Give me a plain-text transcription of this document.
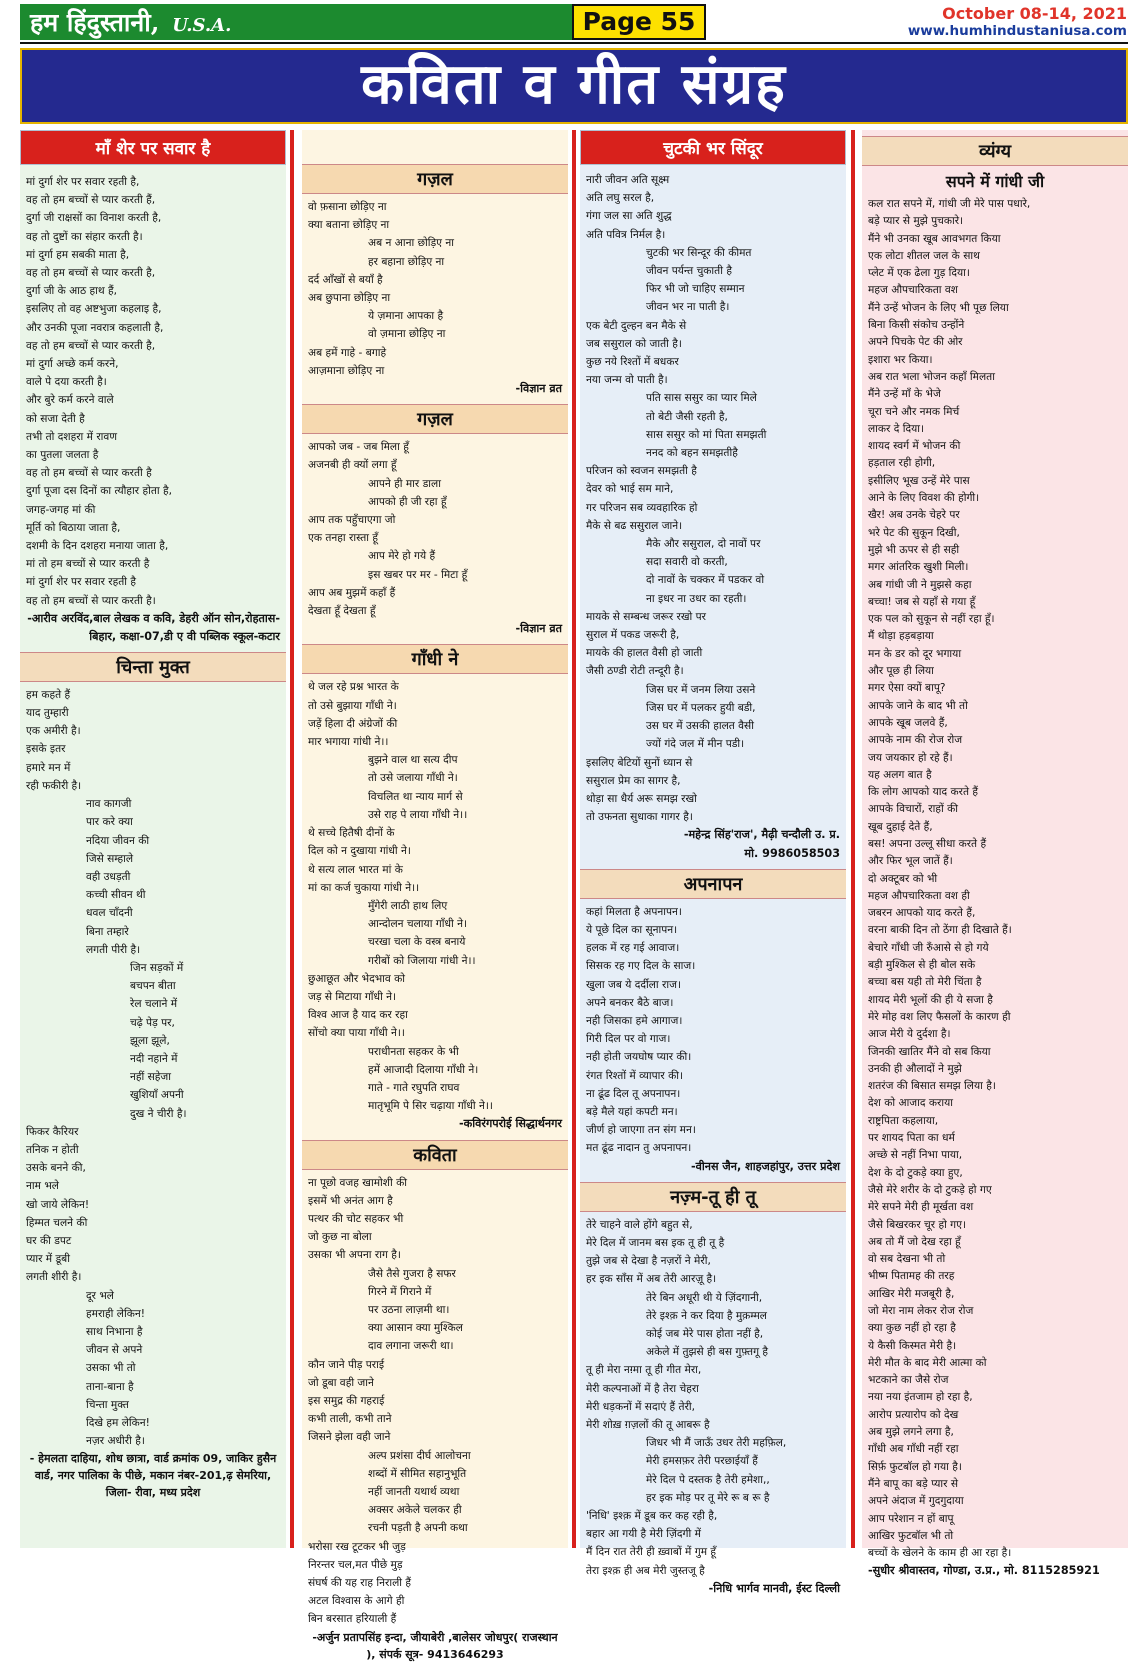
हम हिंदुस्तानी, U.S.A.	Page 55	October 08-14, 2021
www.humhindustaniusa.com
कविता व गीत संग्रह
माँ शेर पर सवार है
मां दुर्गा शेर पर सवार रहती है,
वह तो हम बच्चों से प्यार करती हैं,
दुर्गा जी राक्षसों का विनाश करती है,
वह तो दुष्टों का संहार करती है।
मां दुर्गा हम सबकी माता है,
वह तो हम बच्चों से प्यार करती है,
दुर्गा जी के आठ हाथ हैं,
इसलिए तो वह अष्टभुजा कहलाइ है,
और उनकी पूजा नवरात्र कहलाती है,
वह तो हम बच्चों से प्यार करती है,
मां दुर्गा अच्छे कर्म करने,
वाले पे दया करती है।
और बुरे कर्म करने वाले
को सजा देती है
तभी तो दशहरा में रावण
का पुतला जलता है
वह तो हम बच्चों से प्यार करती है
दुर्गा पूजा दस दिनों का त्यौहार होता है,
जगह-जगह मां की
मूर्ति को बिठाया जाता है,
दशमी के दिन दशहरा मनाया जाता है,
मां तो हम बच्चों से प्यार करती है
मां दुर्गा शेर पर सवार रहती है
वह तो हम बच्चों से प्यार करती है।
-आरीव अरविंद,बाल लेखक व कवि, डेहरी ऑन सोन,रोहतास-बिहार, कक्षा-07,डी ए वी पब्लिक स्कूल-कटार
चिन्ता मुक्त
हम कहते हैं
याद तुम्हारी
एक अमीरी है।
इसके इतर
हमारे मन में
रही फकीरी है।
नाव कागजी
पार करे क्या
नदिया जीवन की
जिसे सम्हाले
वही उधड़ती
कच्ची सीवन थी
धवल चाँदनी
बिना तम्हारे
लगती पीरी है।
जिन सड़कों में
बचपन बीता
रेल चलाने में
चढ़े पेड़ पर,
झूला झूले,
नदी नहाने में
नहीं सहेजा
खुशियाँ अपनी
दुख ने चीरी है।
फिकर कैरियर
तनिक न होती
उसके बनने की,
नाम भले
खो जाये लेकिन!
हिम्मत चलने की
घर की डपट
प्यार में डूबी
लगती शीरी है।
दूर भले
हमराही लेकिन!
साथ निभाना है
जीवन से अपने
उसका भी तो
ताना-बाना है
चिन्ता मुक्त
दिखे हम लेकिन!
नज़र अधीरी है।
- हेमलता दाहिया, शोध छात्रा, वार्ड क्रमांक 09, जाकिर हुसैन वार्ड, नगर पालिका के पीछे, मकान नंबर-201,ढ़ सेमरिया, जिला- रीवा, मध्य प्रदेश
गज़ल
वो फ़साना छोड़िए ना
क्या बताना छोड़िए ना
अब न आना छोड़िए ना
हर बहाना छोड़िए ना
दर्द आँखों से बयाँ है
अब छुपाना छोड़िए ना
ये ज़माना आपका है
वो ज़माना छोड़िए ना
अब हमें गाहे - बगाहे
आज़माना छोड़िए ना
-विज्ञान व्रत
गज़ल
आपको जब - जब मिला हूँ
अजनबी ही क्यों लगा हूँ
आपने ही मार डाला
आपको ही जी रहा हूँ
आप तक पहुँचाएगा जो
एक तनहा रास्ता हूँ
आप मेरे हो गये हैं
इस खबर पर मर - मिटा हूँ
आप अब मुझमें कहाँ हैं
देखता हूँ देखता हूँ
-विज्ञान व्रत
गाँधी ने
थे जल रहे प्रश्न भारत के
तो उसे बुझाया गाँधी ने।
जड़ें हिला दी अंग्रेजों की
मार भगाया गांधी ने।।
बुझने वाल था सत्य दीप
तो उसे जलाया गाँधी ने।
विचलित था न्याय मार्ग से
उसे राह पे लाया गाँधी ने।।
थे सच्चे हितैषी दीनों के
दिल को न दुखाया गांधी ने।
थे सत्य लाल भारत मां के
मां का कर्ज चुकाया गांधी ने।।
मुँगेरी लाठी हाथ लिए
आन्दोलन चलाया गाँधी ने।
चरखा चला के वस्त्र बनाये
गरीबों को जिलाया गांधी ने।।
छुआछूत और भेदभाव को
जड़ से मिटाया गाँधी ने।
विश्व आज है याद कर रहा
सोंचो क्या पाया गाँधी ने।।
पराधीनता सहकर के भी
हमें आजादी दिलाया गाँधी ने।
गाते - गाते रघुपति राघव
मातृभूमि पे सिर चढ़ाया गाँधी ने।।
-कविरंगपरोई सिद्धार्थनगर
कविता
ना पूछो वजह खामोशी की
इसमें भी अनंत आग है
पत्थर की चोट सहकर भी
जो कुछ ना बोला
उसका भी अपना राग है।
जैसे तैसे गुजरा है सफर
गिरने में गिराने में
पर उठना लाज़मी था।
क्या आसान क्या मुश्किल
दाव लगाना जरूरी था।
कौन जाने पीड़ पराई
जो डूबा वही जाने
इस समुद्र की गहराई
कभी ताली, कभी ताने
जिसने झेला वही जाने
अल्प प्रशंसा दीर्घ आलोचना
शब्दों में सीमित सहानुभूति
नहीं जानती यथार्थ व्यथा
अक्सर अकेले चलकर ही
रचनी पड़ती है अपनी कथा
भरोसा रख टूटकर भी जुड़
निरन्तर चल,मत पीछे मुड़
संघर्ष की यह राह निराली हैं
अटल विश्वास के आगे ही
बिन बरसात हरियाली हैं
-अर्जुन प्रतापसिंह इन्दा, जीयाबेरी ,बालेसर जोधपुर( राजस्थान ), संपर्क सूत्र- 9413646293
चुटकी भर सिंदूर
नारी जीवन अति सूक्ष्म
अति लघु सरल है,
गंगा जल सा अति शुद्ध
अति पवित्र निर्मल है।
चुटकी भर सिन्दूर की कीमत
जीवन पर्यन्त चुकाती है
फिर भी जो चाहिए सम्मान
जीवन भर ना पाती है।
एक बेटी दुल्हन बन मैके से
जब ससुराल को जाती है।
कुछ नये रिश्तों में बधकर
नया जन्म वो पाती है।
पति सास ससुर का प्यार मिले
तो बेटी जैसी रहती है,
सास ससुर को मां पिता समझती
ननद को बहन समझतीहै
परिजन को स्वजन समझती है
देवर को भाई सम माने,
गर परिजन सब व्यवहारिक हो
मैके से बढ ससुराल जाने।
मैके और ससुराल, दो नावों पर
सदा सवारी वो करती,
दो नावों के चक्कर में पडकर वो
ना इधर ना उधर का रहती।
मायके से सम्बन्ध जरूर रखो पर
सुराल में पकड जरूरी है,
मायके की हालत वैसी हो जाती
जैसी ठण्डी रोटी तन्दूरी है।
जिस घर में जनम लिया उसने
जिस घर में पलकर हुयी बडी,
उस घर में उसकी हालत वैसी
ज्यों गंदे जल में मीन पडी।
इसलिए बेटियों सुनों ध्यान से
ससुराल प्रेम का सागर है,
थोड़ा सा धैर्य अरू समझ रखो
तो उफनता सुधाका गागर है।
-महेन्द्र सिंह'राज', मैढ़ी चन्दौली उ. प्र.
मो. 9986058503
अपनापन
कहां मिलता है अपनापन।
ये पूछे दिल का सूनापन।
हलक में रह गई आवाज।
सिसक रह गए दिल के साज।
खुला जब ये दर्दीला राज।
अपने बनकर बैठे बाज।
नही जिसका हमे आगाज।
गिरी दिल पर वो गाज।
नही होती जयघोष प्यार की।
रंगत रिश्तों में व्यापार की।
ना ढूंढ दिल तू अपनापन।
बड़े मैले यहां कपटी मन।
जीर्ण हो जाएगा तन संग मन।
मत ढूंढ नादान तु अपनापन।
-वीनस जैन, शाहजहांपुर, उत्तर प्रदेश
नज़्म-तू ही तू
तेरे चाहने वाले होंगे बहुत से,
मेरे दिल में जानम बस इक तू ही तू है
तुझे जब से देखा है नज़रों ने मेरी,
हर इक साँस में अब तेरी आरज़ू है।
तेरे बिन अधूरी थी ये ज़िंदगानी,
तेरे इश्क़ ने कर दिया है मुक़म्मल
कोई जब मेरे पास होता नहीं है,
अकेले में तुझसे ही बस गुफ़्तगू है
तू ही मेरा नग़्मा तू ही गीत मेरा,
मेरी कल्पनाओं में है तेरा चेहरा
मेरी धड़कनों में सदाएं हैं तेरी,
मेरी शोख़ ग़ज़लों की तू आबरू है
जिधर भी मैं जाऊँ उधर तेरी महफ़िल,
मेरी हमसफ़र तेरी परछाईयाँ हैं
मेरे दिल पे दस्तक है तेरी हमेशा,,
हर इक मोड़ पर तू मेरे रू ब रू है
'निधि' इश्क़ में डूब कर कह रही है,
बहार आ गयी है मेरी ज़िंदगी में
मैं दिन रात तेरी ही ख़्वाबों में गुम हूँ
तेरा इश्क़ ही अब मेरी जुस्तजू है
-निधि भार्गव मानवी, ईस्ट दिल्ली
व्यंग्य
सपने में गांधी जी
कल रात सपने में, गांधी जी मेरे पास पधारे,
बड़े प्यार से मुझे पुचकारे।
मैंने भी उनका खूब आवभगत किया
एक लोटा शीतल जल के साथ
प्लेट में एक ढेला गुड़ दिया।
महज औपचारिकता वश
मैंने उन्हें भोजन के लिए भी पूछ लिया
बिना किसी संकोच उन्होंने
अपने पिचके पेट की ओर
इशारा भर किया।
अब रात भला भोजन कहाँ मिलता
मैंने उन्हें माँ के भेजे
चूरा चने और नमक मिर्च
लाकर दे दिया।
शायद स्वर्ग में भोजन की
हड़ताल रही होगी,
इसीलिए भूख उन्हें मेरे पास
आने के लिए विवश की होगी।
खैर! अब उनके चेहरे पर
भरे पेट की सुकून दिखी,
मुझे भी ऊपर से ही सही
मगर आंतरिक खुशी मिली।
अब गांधी जी ने मुझसे कहा
बच्चा! जब से यहाँ से गया हूँ
एक पल को सुकून से नहीं रहा हूँ।
मैं थोड़ा हड़बड़ाया
मन के डर को दूर भगाया
और पूछ ही लिया
मगर ऐसा क्यों बापू?
आपके जाने के बाद भी तो
आपके खूब जलवे हैं,
आपके नाम की रोज रोज
जय जयकार हो रहे हैं।
यह अलग बात है
कि लोग आपको याद करते हैं
आपके विचारों, राहों की
खूब दुहाई देते हैं,
बस! अपना उल्लू सीधा करते हैं
और फिर भूल जातें हैं।
दो अक्टूबर को भी
महज औपचारिकता वश ही
जबरन आपको याद करते हैं,
वरना बाकी दिन तो ठेंगा ही दिखाते हैं।
बेचारे गाँधी जी रुँआसे से हो गये
बड़ी मुश्किल से ही बोल सके
बच्चा बस यही तो मेरी चिंता है
शायद मेरी भूलों की ही ये सजा है
मेरे मोह वश लिए फैसलों के कारण ही
आज मेरी ये दुर्दशा है।
जिनकी खातिर मैंने वो सब किया
उनकी ही औलादों ने मुझे
शतरंज की बिसात समझ लिया है।
देश को आजाद कराया
राष्ट्रपिता कहलाया,
पर शायद पिता का धर्म
अच्छे से नहीं निभा पाया,
देश के दो टुकड़े क्या हुए,
जैसे मेरे शरीर के दो टुकड़े हो गए
मेरे सपने मेरी ही मूर्खता वश
जैसे बिखरकर चूर हो गए।
अब तो मैं जो देख रहा हूँ
वो सब देखना भी तो
भीष्म पितामह की तरह
आखिर मेरी मजबूरी है,
जो मेरा नाम लेकर रोज रोज
क्या कुछ नहीं हो रहा है
ये कैसी किस्मत मेरी है।
मेरी मौत के बाद मेरी आत्मा को
भटकाने का जैसे रोज
नया नया इंतजाम हो रहा है,
आरोप प्रत्यारोप को देख
अब मुझे लगने लगा है,
गाँधी अब गाँधी नहीं रहा
सिर्फ़ फुटबॉल हो गया है।
मैंने बापू का बड़े प्यार से
अपने अंदाज में गुदगुदाया
आप परेशान न हों बापू
आखिर फुटबॉल भी तो
बच्चों के खेलने के काम ही आ रहा है।
-सुधीर श्रीवास्तव, गोण्डा, उ.प्र., मो. 8115285921
